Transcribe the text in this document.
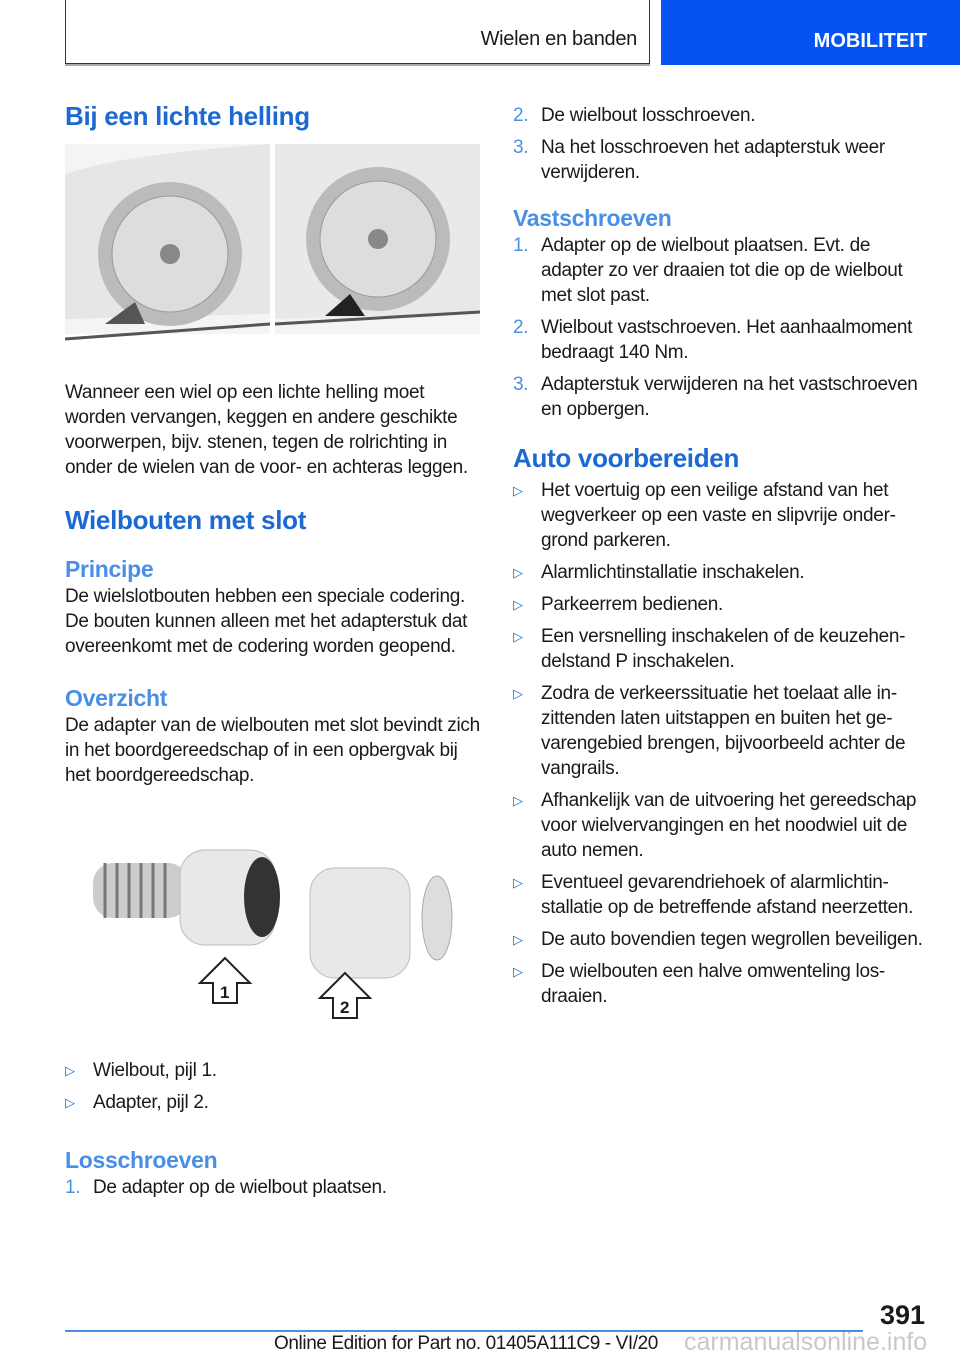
Wielen en banden	MOBILITEIT
Bij een lichte helling

Wanneer een wiel op een lichte helling moet worden vervangen, keggen en andere geschikte voorwerpen, bijv. stenen, tegen de rolrichting in onder de wielen van de voor- en achteras leggen.

Wielbouten met slot
Principe

De wielslotbouten hebben een speciale codering. De bouten kunnen alleen met het adapterstuk dat overeenkomt met de codering worden geopend.

Overzicht

De adapter van de wielbouten met slot bevindt zich in het boordgereedschap of in een opbergvak bij het boordgereedschap.

1
2
▷ Wielbout, pijl 1.
▷ Adapter, pijl 2.
Losschroeven
1. De adapter op de wielbout plaatsen.
2. De wielbout losschroeven.
3. Na het losschroeven het adapterstuk weer verwijderen.
Vastschroeven
1. Adapter op de wielbout plaatsen. Evt. de adapter zo ver draaien tot die op de wielbout met slot past.
2. Wielbout vastschroeven. Het aanhaalmoment bedraagt 140 Nm.
3. Adapterstuk verwijderen na het vastschroeven en opbergen.
Auto voorbereiden
▷ Het voertuig op een veilige afstand van het wegverkeer op een vaste en slipvrije ondergrond parkeren.
▷ Alarmlichtinstallatie inschakelen.
▷ Parkeerrem bedienen.
▷ Een versnelling inschakelen of de keuzehendelstand P inschakelen.
▷ Zodra de verkeerssituatie het toelaat alle inzittenden laten uitstappen en buiten het gevarengebied brengen, bijvoorbeeld achter de vangrails.
▷ Afhankelijk van de uitvoering het gereedschap voor wielvervangingen en het noodwiel uit de auto nemen.
▷ Eventueel gevarendriehoek of alarmlichtinstallatie op de betreffende afstand neerzetten.
▷ De auto bovendien tegen wegrollen beveiligen.
▷ De wielbouten een halve omwenteling losdraaien.
391
Online Edition for Part no. 01405A111C9 - VI/20 carmanualsonline.info
